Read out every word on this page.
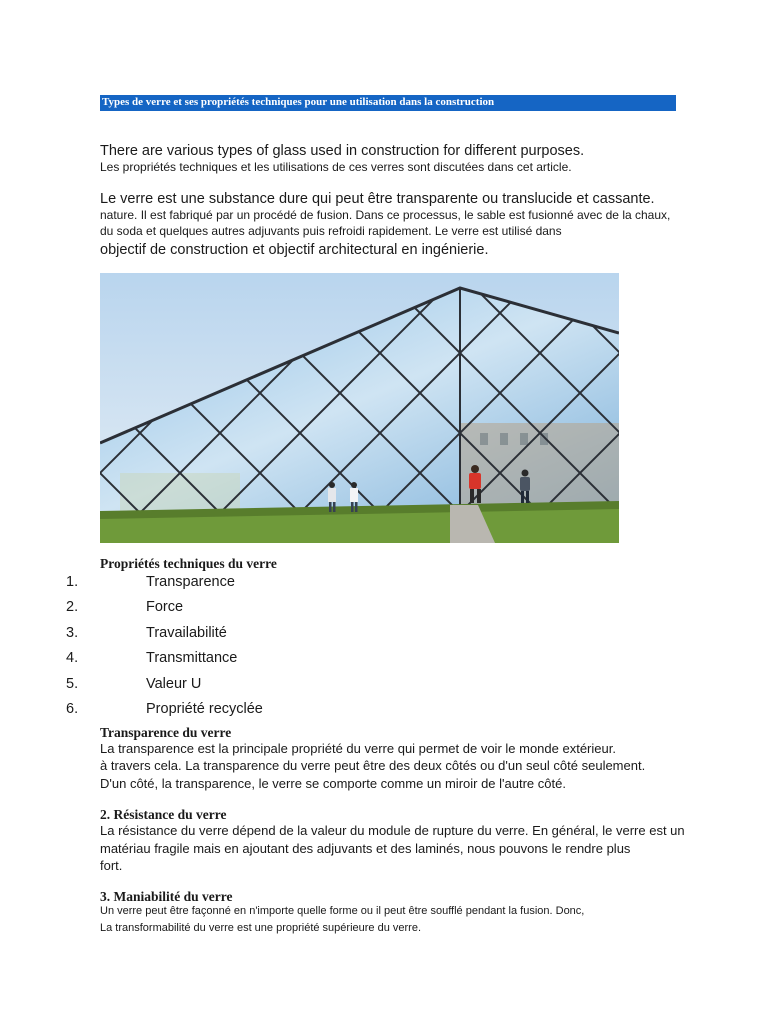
Types de verre et ses propriétés techniques pour une utilisation dans la construction
There are various types of glass used in construction for different purposes.
Les propriétés techniques et les utilisations de ces verres sont discutées dans cet article.
Le verre est une substance dure qui peut être transparente ou translucide et cassante.
nature. Il est fabriqué par un procédé de fusion. Dans ce processus, le sable est fusionné avec de la chaux,
du soda et quelques autres adjuvants puis refroidi rapidement. Le verre est utilisé dans
objectif de construction et objectif architectural en ingénierie.
Propriétés techniques du verre
1.	Transparence
2.	Force
3.	Travailabilité
4.	Transmittance
5.	Valeur U
6.	Propriété recyclée
Transparence du verre
La transparence est la principale propriété du verre qui permet de voir le monde extérieur.
à travers cela. La transparence du verre peut être des deux côtés ou d'un seul côté seulement.
D'un côté, la transparence, le verre se comporte comme un miroir de l'autre côté.
2. Résistance du verre
La résistance du verre dépend de la valeur du module de rupture du verre. En général, le verre est un
matériau fragile mais en ajoutant des adjuvants et des laminés, nous pouvons le rendre plus
fort.
3. Maniabilité du verre
Un verre peut être façonné en n'importe quelle forme ou il peut être soufflé pendant la fusion. Donc,
La transformabilité du verre est une propriété supérieure du verre.
